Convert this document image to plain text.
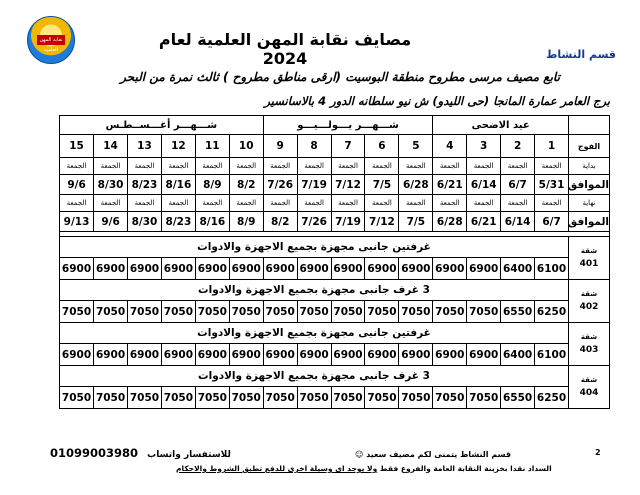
نقابة المهن العلمية
مصايف نقابة المهن العلمية لعام 2024	قسم النشاط
تابع مصيف مرسى مطروح منطقة البوسيت (ارقى مناطق مطروح ) ثالث نمرة من البحر
برج العامر عمارة المانجا (حى الليدو) ش نيو سلطانه الدور 4 بالاسانسير
	عيد الاضحى				شـــهـــر يـــولـــيـــو					شـــهـــر أغـــســطـس					
الفوج	1	2	3	4	5	6	7	8	9	10	11	12	13	14	15
بداية	الجمعة	الجمعة	الجمعة	الجمعة	الجمعة	الجمعة	الجمعة	الجمعة	الجمعة	الجمعة	الجمعة	الجمعة	الجمعة	الجمعة	الجمعة
الموافق	5/31	6/7	6/14	6/21	6/28	7/5	7/12	7/19	7/26	8/2	8/9	8/16	8/23	8/30	9/6
نهاية	الجمعة	الجمعة	الجمعة	الجمعة	الجمعة	الجمعة	الجمعة	الجمعة	الجمعة	الجمعة	الجمعة	الجمعة	الجمعة	الجمعة	الجمعة
الموافق	6/7	6/14	6/21	6/28	7/5	7/12	7/19	7/26	8/2	8/9	8/16	8/23	8/30	9/6	9/13

شقة
401	غرفتين جانبى مجهزة بجميع الاجهزة والادوات														
	6100	6400	6900	6900	6900	6900	6900	6900	6900	6900	6900	6900	6900	6900	6900
شقة
402	3 غرف جانبى مجهزة بجميع الاجهزة والادوات														
	6250	6550	7050	7050	7050	7050	7050	7050	7050	7050	7050	7050	7050	7050	7050
شقة
403	غرفتين جانبى مجهزة بجميع الاجهزة والادوات														
	6100	6400	6900	6900	6900	6900	6900	6900	6900	6900	6900	6900	6900	6900	6900
شقة
404	3 غرف جانبى مجهزة بجميع الاجهزة والادوات														
	6250	6550	7050	7050	7050	7050	7050	7050	7050	7050	7050	7050	7050	7050	7050
01099003980 للاستفسار واتساب	قسم النشاط يتمنى لكم مصيف سعيد ☺
السداد نقدا بخزينة النقابة العامة والفروع فقط ولا يوجد اى وسيلة اخرى للدفع تطبق الشروط والاحكام
2
